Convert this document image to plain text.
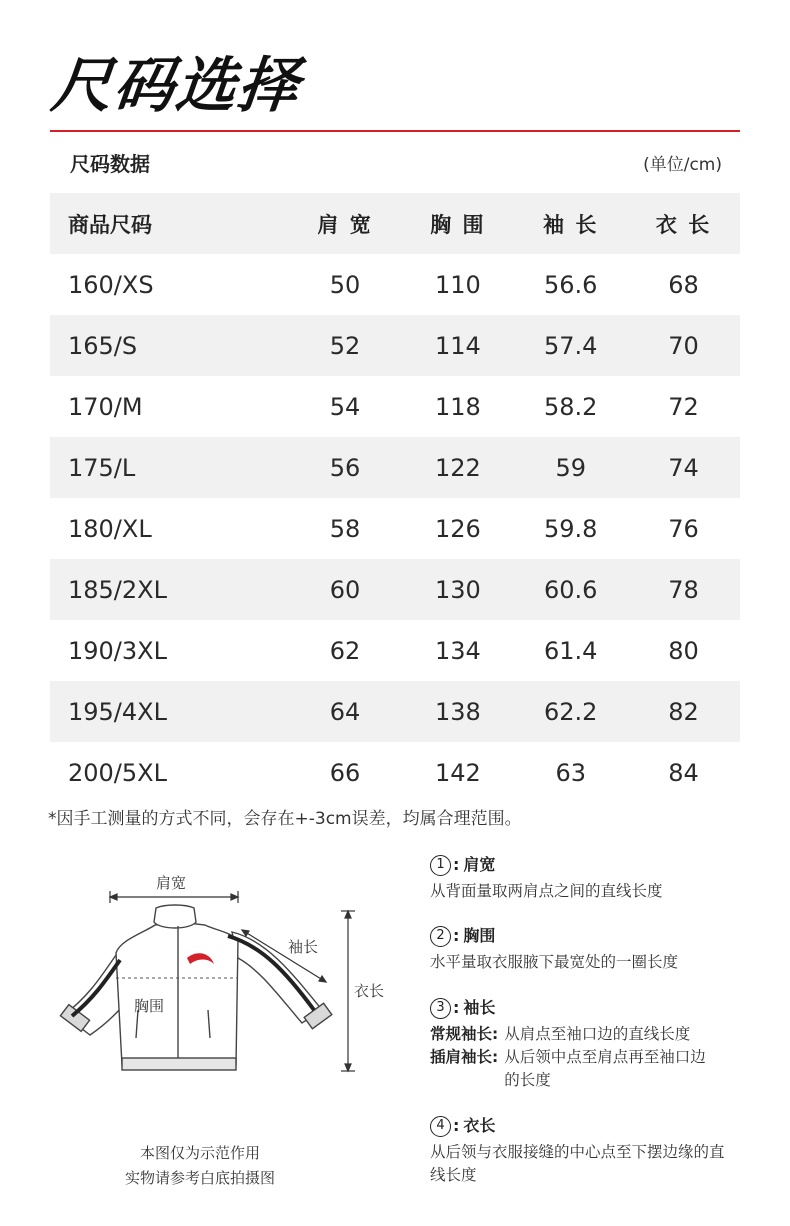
尺码选择
尺码数据	(单位/cm)
商品尺码	肩 宽	胸 围	袖 长	衣 长
160/XS	50	110	56.6	68
165/S	52	114	57.4	70
170/M	54	118	58.2	72
175/L	56	122	59	74
180/XL	58	126	59.8	76
185/2XL	60	130	60.6	78
190/3XL	62	134	61.4	80
195/4XL	64	138	62.2	82
200/5XL	66	142	63	84
*因手工测量的方式不同，会存在+-3cm误差，均属合理范围。
肩宽
胸围
袖长
衣长
本图仅为示范作用
实物请参考白底拍摄图
1 : 肩宽
从背面量取两肩点之间的直线长度
2 : 胸围
水平量取衣服腋下最宽处的一圈长度
3 : 袖长
常规袖长: 从肩点至袖口边的直线长度
插肩袖长: 从后领中点至肩点再至袖口边的长度
4 : 衣长
从后领与衣服接缝的中心点至下摆边缘的直线长度
